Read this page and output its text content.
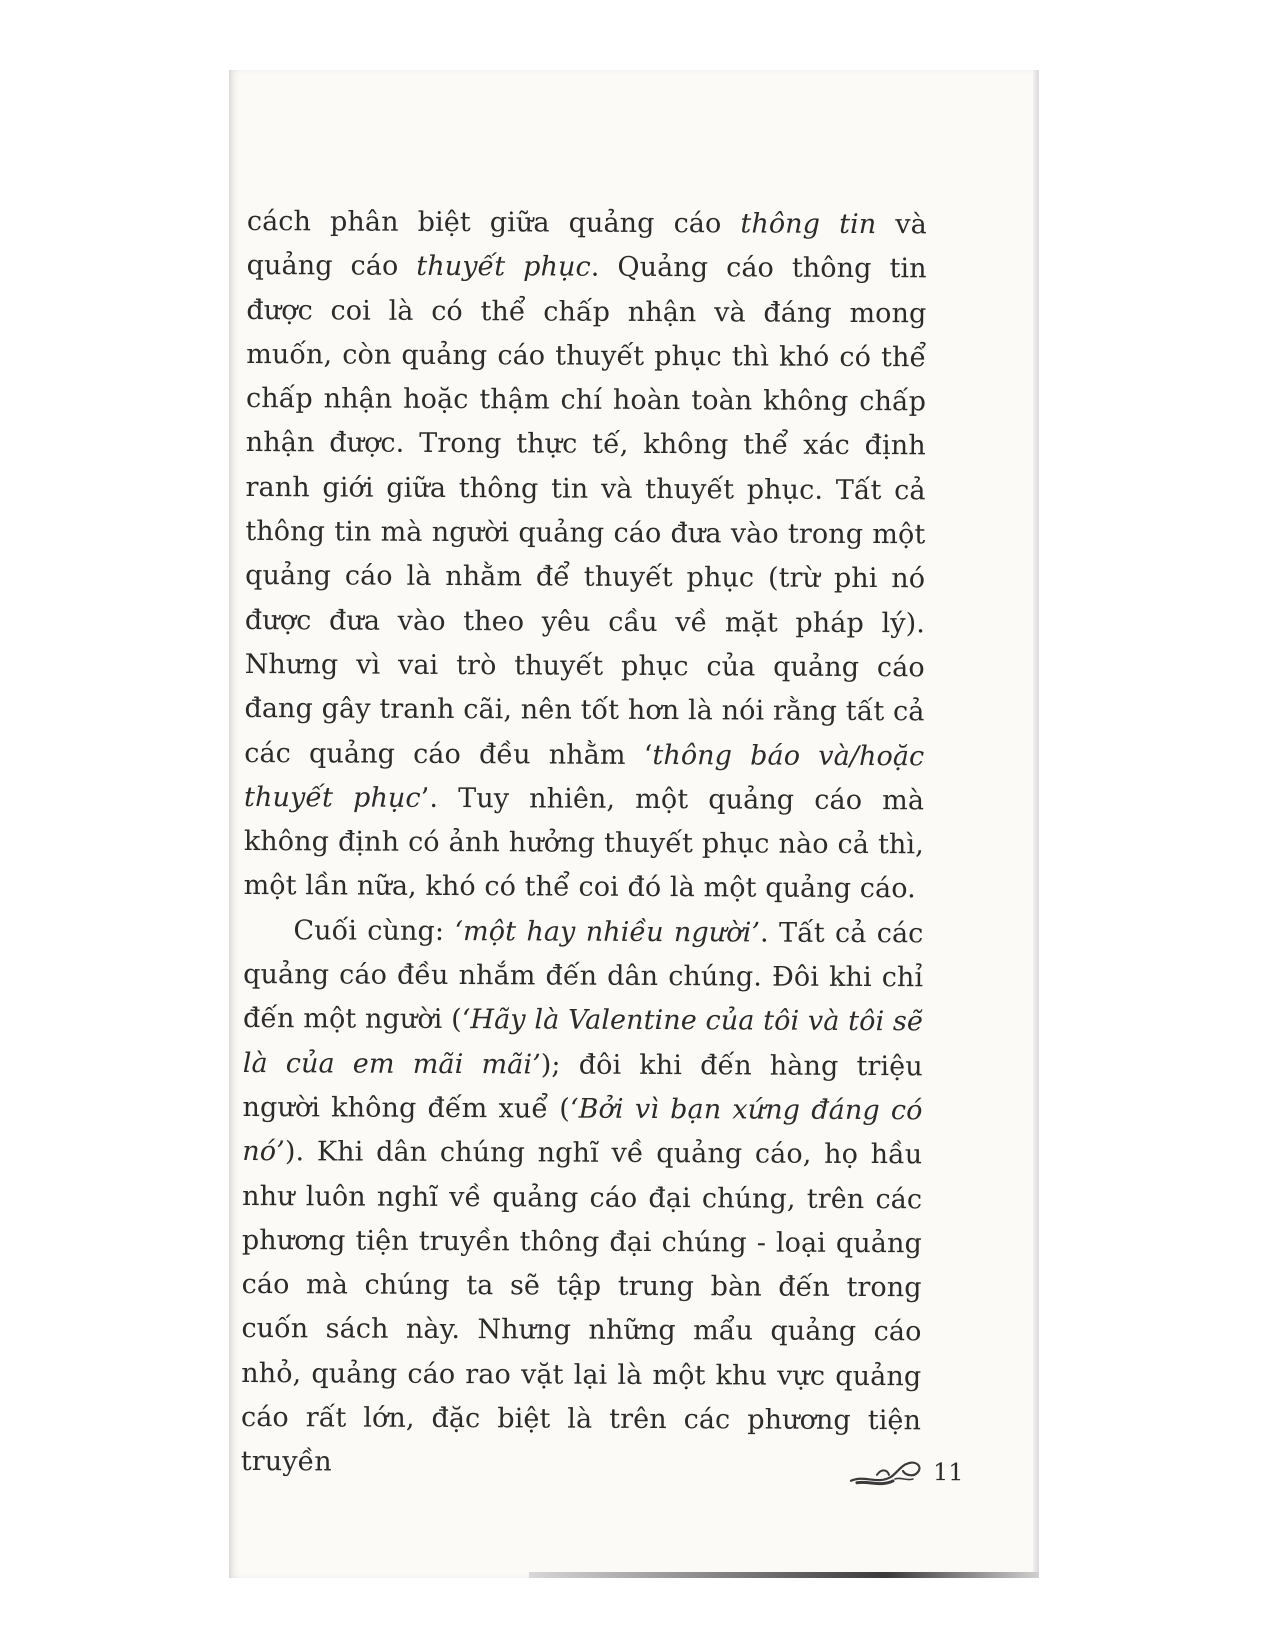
cách phân biệt giữa quảng cáo thông tin và quảng cáo thuyết phục. Quảng cáo thông tin được coi là có thể chấp nhận và đáng mong muốn, còn quảng cáo thuyết phục thì khó có thể chấp nhận hoặc thậm chí hoàn toàn không chấp nhận được. Trong thực tế, không thể xác định ranh giới giữa thông tin và thuyết phục. Tất cả thông tin mà người quảng cáo đưa vào trong một quảng cáo là nhằm để thuyết phục (trừ phi nó được đưa vào theo yêu cầu về mặt pháp lý). Nhưng vì vai trò thuyết phục của quảng cáo đang gây tranh cãi, nên tốt hơn là nói rằng tất cả các quảng cáo đều nhằm ‘thông báo và/hoặc thuyết phục’. Tuy nhiên, một quảng cáo mà không định có ảnh hưởng thuyết phục nào cả thì, một lần nữa, khó có thể coi đó là một quảng cáo.

Cuối cùng: ‘một hay nhiều người’. Tất cả các quảng cáo đều nhắm đến dân chúng. Đôi khi chỉ đến một người (‘Hãy là Valentine của tôi và tôi sẽ là của em mãi mãi’); đôi khi đến hàng triệu người không đếm xuể (‘Bởi vì bạn xứng đáng có nó’). Khi dân chúng nghĩ về quảng cáo, họ hầu như luôn nghĩ về quảng cáo đại chúng, trên các phương tiện truyền thông đại chúng - loại quảng cáo mà chúng ta sẽ tập trung bàn đến trong cuốn sách này. Nhưng những mẩu quảng cáo nhỏ, quảng cáo rao vặt lại là một khu vực quảng cáo rất lớn, đặc biệt là trên các phương tiện truyền	11
